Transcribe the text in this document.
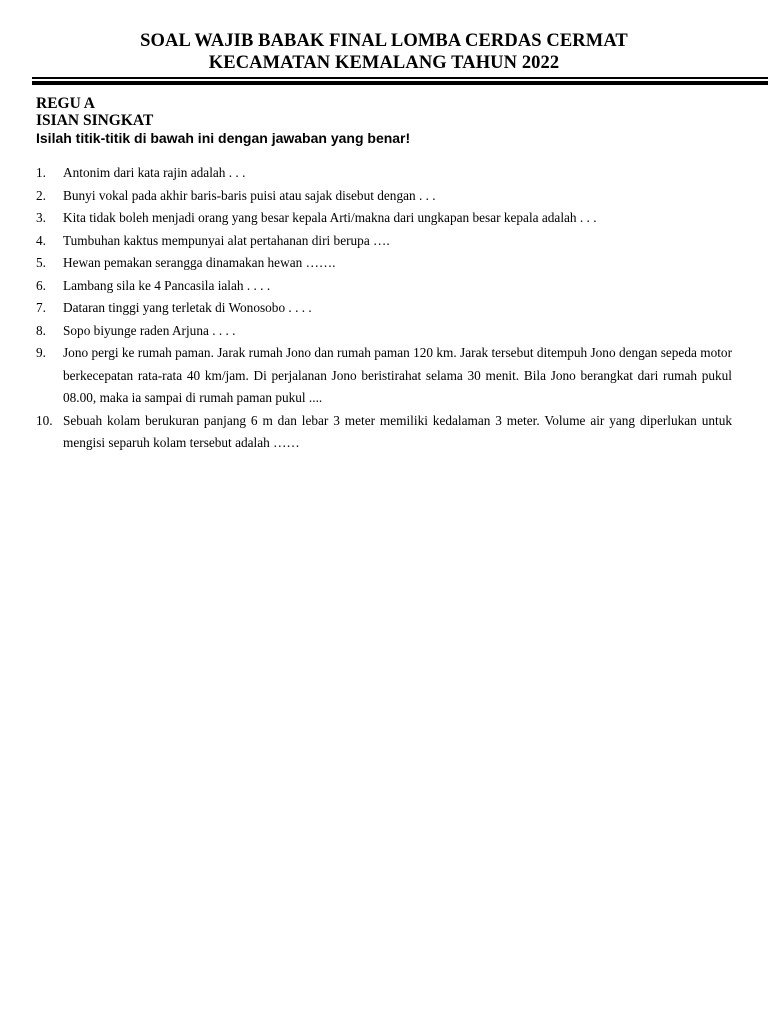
SOAL WAJIB BABAK FINAL LOMBA CERDAS CERMAT
KECAMATAN KEMALANG TAHUN 2022
REGU A
ISIAN SINGKAT
Isilah titik-titik di bawah ini dengan jawaban yang benar!
1. Antonim dari kata rajin adalah . . .
2. Bunyi vokal pada akhir baris-baris puisi atau sajak disebut dengan . . .
3. Kita tidak boleh menjadi orang yang besar kepala Arti/makna dari ungkapan besar kepala adalah . . .
4. Tumbuhan kaktus mempunyai alat pertahanan diri berupa ….
5. Hewan pemakan serangga dinamakan hewan …….
6. Lambang sila ke 4 Pancasila ialah . . . .
7. Dataran tinggi yang terletak di Wonosobo . . . .
8. Sopo biyunge raden Arjuna . . . .
9. Jono pergi ke rumah paman. Jarak rumah Jono dan rumah paman 120 km. Jarak tersebut ditempuh Jono dengan sepeda motor berkecepatan rata-rata 40 km/jam. Di perjalanan Jono beristirahat selama 30 menit. Bila Jono berangkat dari rumah pukul 08.00, maka ia sampai di rumah paman pukul ....
10. Sebuah kolam berukuran panjang 6 m dan lebar 3 meter memiliki kedalaman 3 meter. Volume air yang diperlukan untuk mengisi separuh kolam tersebut adalah ……
